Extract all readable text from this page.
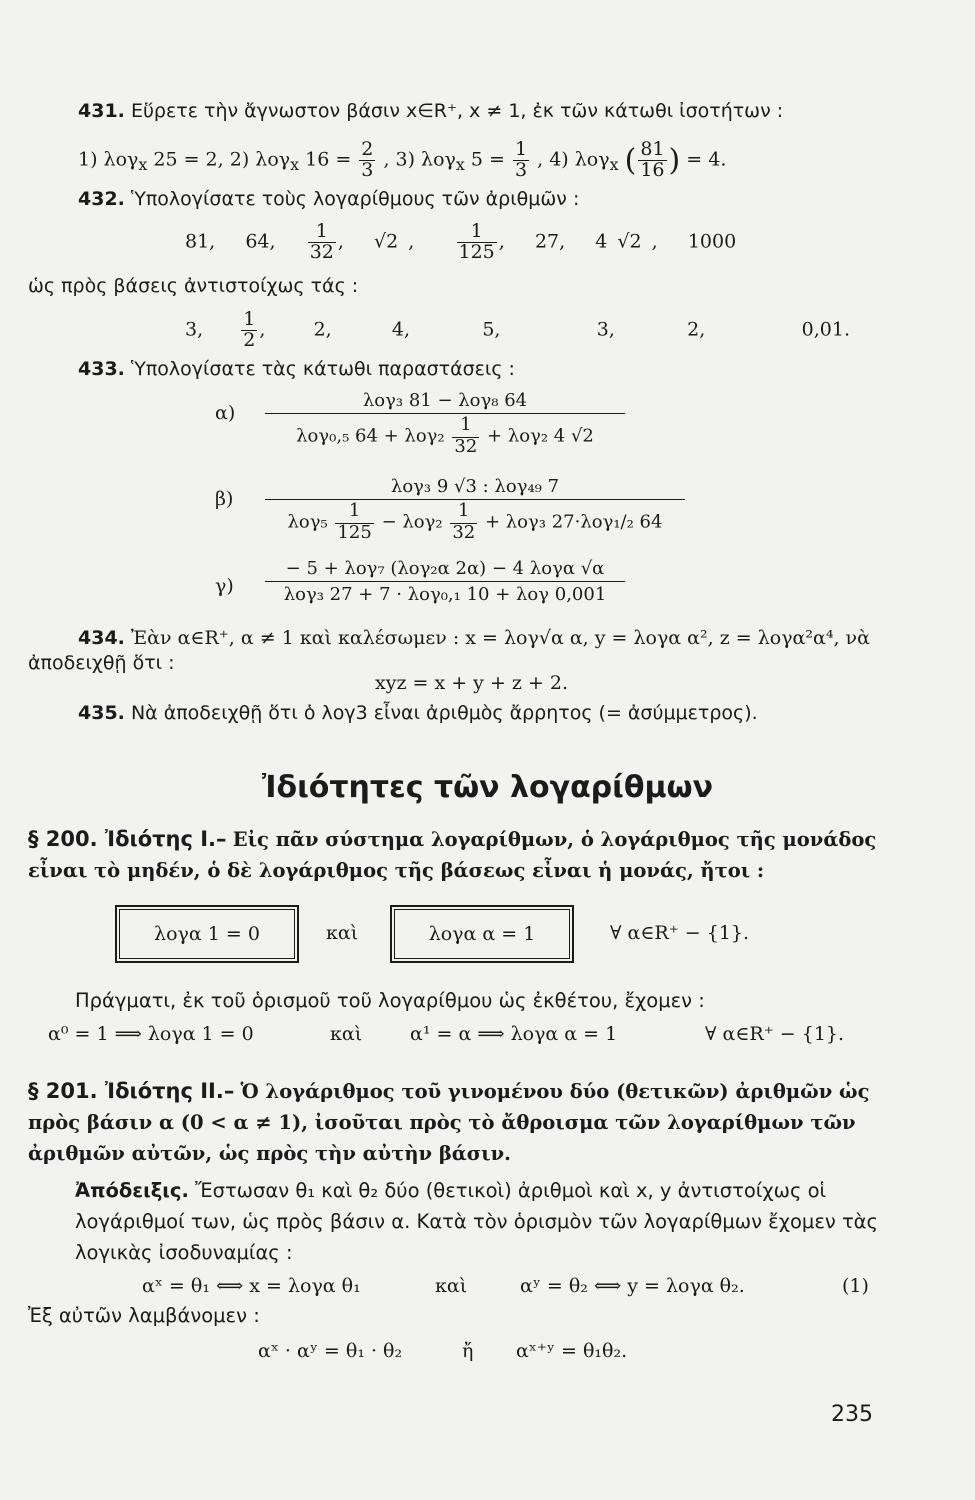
431. Εὕρετε τὴν ἄγνωστον βάσιν x∈R⁺, x ≠ 1, ἐκ τῶν κάτωθι ἰσοτήτων :
1) λογ$_x$ 25 = 2, 2) λογ$_x$ $16 = \frac{2}{3}$ , 3) λογ$_x$ $5 = \frac{1}{3}$ , 4) λογ$_x$ ( $\frac{81}{16}$ ) = 4.
432. Ὑπολογίσατε τοὺς λογαρίθμους τῶν ἀριθμῶν :
81, 64, $\frac{1}{32}$ , √2 , $\frac{1}{125}$ , 27, 4 √2 , 1000
ὡς πρὸς βάσεις ἀντιστοίχως τάς :
3, $\frac{1}{2}$ ,	2,	4,	5,	3,	2,	0,01.
433. Ὑπολογίσατε τὰς κάτωθι παραστάσεις :
α)
λογ₃ 81 − λογ₈ 64
λογ₀,₅ $64 + \lambda o\gamma_2 \frac{1}{32} + \lambda o\gamma_2$ 4 √2
β)
λογ₃ 9 √3 : λογ₄₉ 7
$\lambda o\gamma_5 \frac{1}{125} - \lambda o\gamma_2 \frac{1}{32} + \lambda o\gamma_3$ 27·λογ₁/₂ 64
γ)
− 5 + λογ₇ (λογ₂α 2α) − 4 λογα √α
λογ₃ 27 + 7 · λογ₀,₁ 10 + λογ 0,001
434. Ἐὰν α∈R⁺, α ≠ 1 καὶ καλέσωμεν : x = λογ√α α, y = λογα α², z = λογα²α⁴, νὰ
ἀποδειχθῇ ὅτι :
xyz = x + y + z + 2.
435. Νὰ ἀποδειχθῇ ὅτι ὁ λογ3 εἶναι ἀριθμὸς ἄρρητος (= ἀσύμμετρος).
Ἰδιότητες τῶν λογαρίθμων
§ 200. Ἰδιότης I.– Εἰς πᾶν σύστημα λογαρίθμων, ὁ λογάριθμος τῆς μονάδος εἶναι τὸ μηδέν, ὁ δὲ λογάριθμος τῆς βάσεως εἶναι ἡ μονάς, ἤτοι :
λογα 1 = 0	καὶ	λογα α = 1	∀ α∈R⁺ − {1}.
Πράγματι, ἐκ τοῦ ὁρισμοῦ τοῦ λογαρίθμου ὡς ἐκθέτου, ἔχομεν :
α⁰ = 1 ⟹ λογα 1 = 0	καὶ	α¹ = α ⟹ λογα α = 1	∀ α∈R⁺ − {1}.
§ 201. Ἰδιότης II.– Ὁ λογάριθμος τοῦ γινομένου δύο (θετικῶν) ἀριθμῶν ὡς πρὸς βάσιν α (0 < α ≠ 1), ἰσοῦται πρὸς τὸ ἄθροισμα τῶν λογαρίθμων τῶν ἀριθμῶν αὐτῶν, ὡς πρὸς τὴν αὐτὴν βάσιν.
Ἀπόδειξις. Ἔστωσαν θ₁ καὶ θ₂ δύο (θετικοὶ) ἀριθμοὶ καὶ x, y ἀντιστοίχως οἱ λογάριθμοί των, ὡς πρὸς βάσιν α. Κατὰ τὸν ὁρισμὸν τῶν λογαρίθμων ἔχομεν τὰς λογικὰς ἰσοδυναμίας :
αˣ = θ₁ ⟺ x = λογα θ₁	καὶ	αʸ = θ₂ ⟺ y = λογα θ₂.	(1)
Ἐξ αὐτῶν λαμβάνομεν :
αˣ · αʸ = θ₁ · θ₂	ἤ αˣ⁺ʸ = θ₁θ₂.
235
